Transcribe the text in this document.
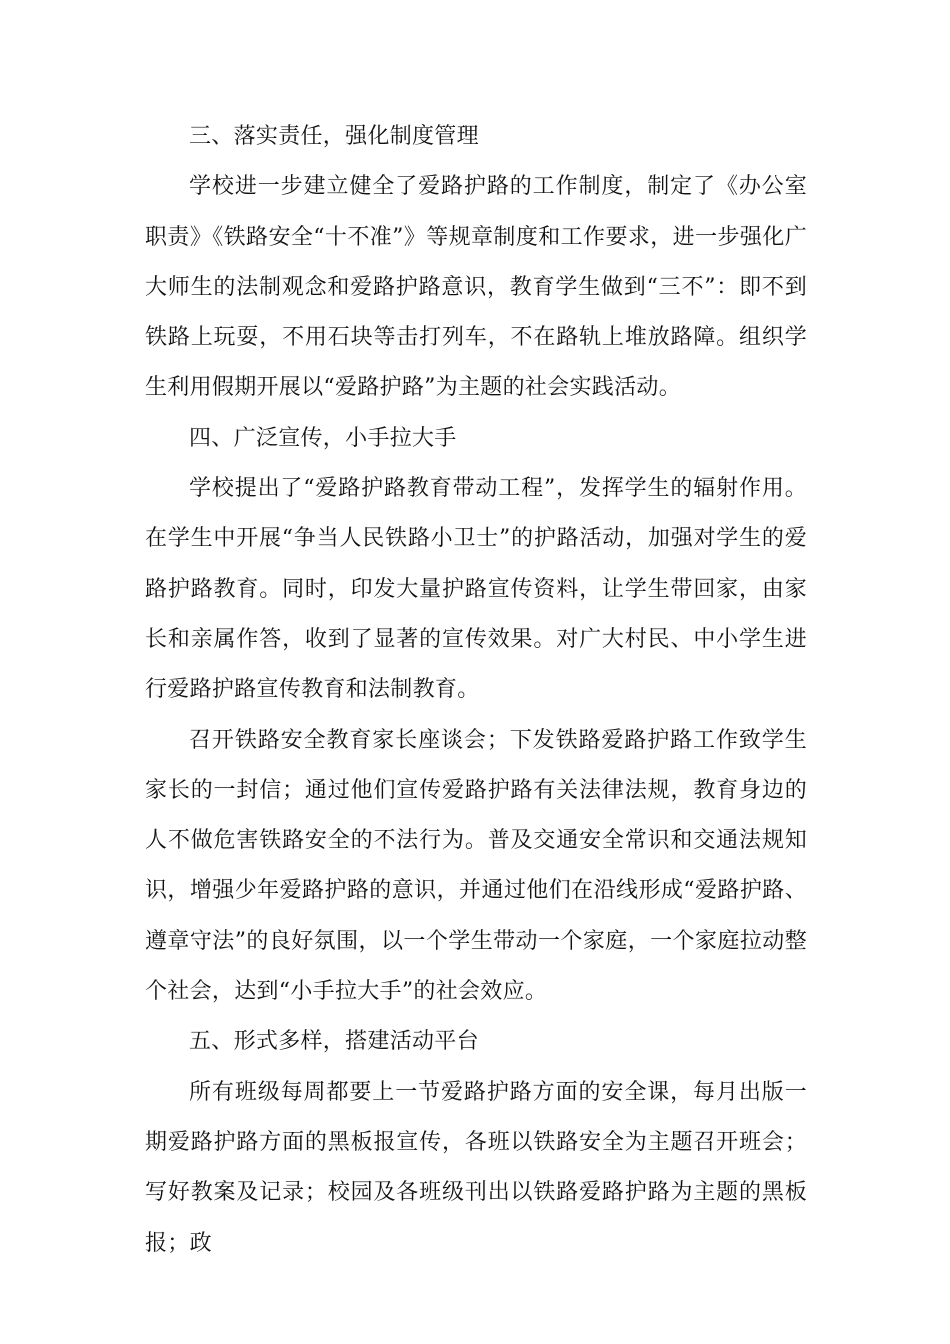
三、落实责任，强化制度管理

学校进一步建立健全了爱路护路的工作制度，制定了《办公室职责》《铁路安全“十不准”》等规章制度和工作要求，进一步强化广大师生的法制观念和爱路护路意识，教育学生做到“三不”：即不到铁路上玩耍，不用石块等击打列车，不在路轨上堆放路障。组织学生利用假期开展以“爱路护路”为主题的社会实践活动。

四、广泛宣传，小手拉大手

学校提出了“爱路护路教育带动工程”，发挥学生的辐射作用。在学生中开展“争当人民铁路小卫士”的护路活动，加强对学生的爱路护路教育。同时，印发大量护路宣传资料，让学生带回家，由家长和亲属作答，收到了显著的宣传效果。对广大村民、中小学生进行爱路护路宣传教育和法制教育。

召开铁路安全教育家长座谈会；下发铁路爱路护路工作致学生家长的一封信；通过他们宣传爱路护路有关法律法规，教育身边的人不做危害铁路安全的不法行为。普及交通安全常识和交通法规知识，增强少年爱路护路的意识，并通过他们在沿线形成“爱路护路、遵章守法”的良好氛围，以一个学生带动一个家庭，一个家庭拉动整个社会，达到“小手拉大手”的社会效应。

五、形式多样，搭建活动平台

所有班级每周都要上一节爱路护路方面的安全课，每月出版一期爱路护路方面的黑板报宣传，各班以铁路安全为主题召开班会；写好教案及记录；校园及各班级刊出以铁路爱路护路为主题的黑板报；政
